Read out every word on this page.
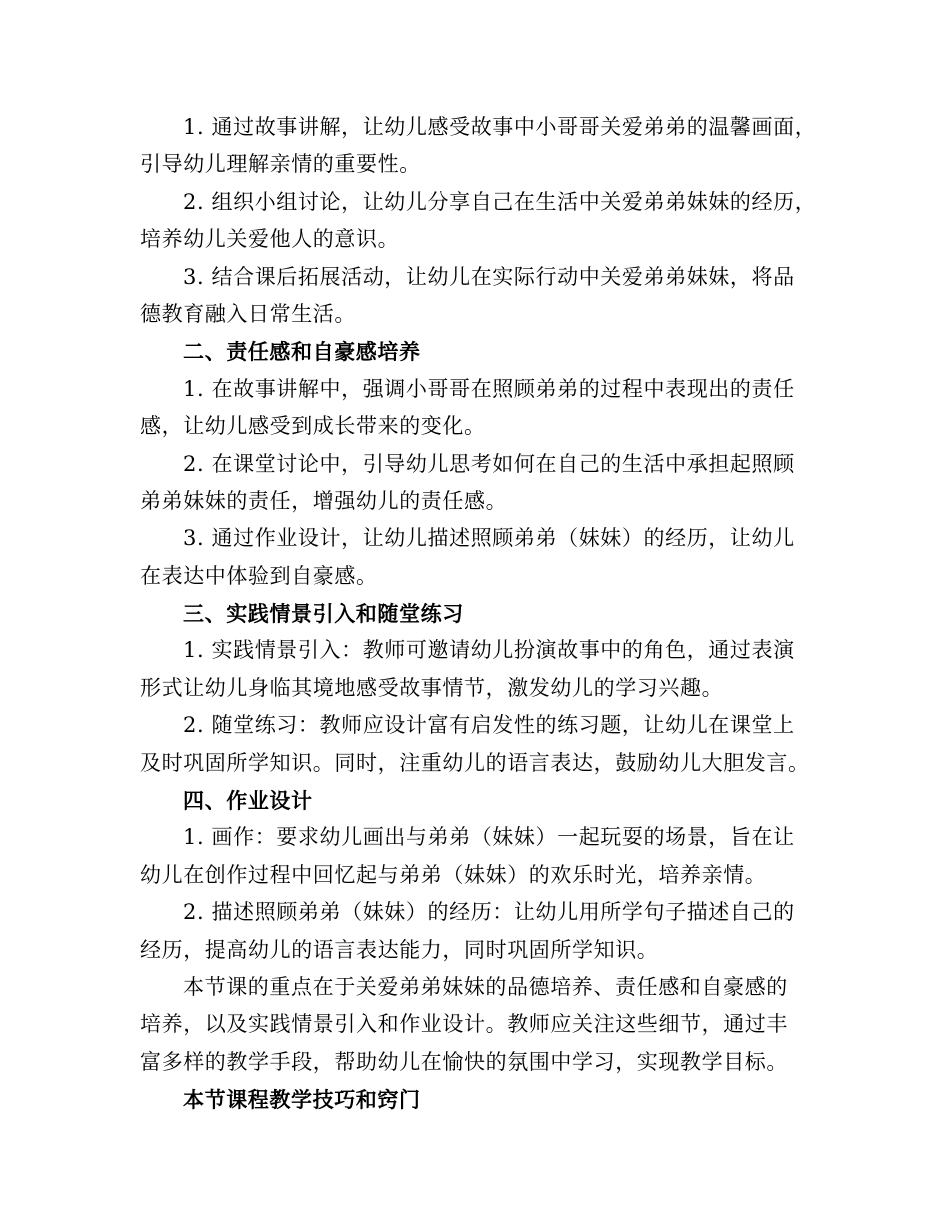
1. 通过故事讲解，让幼儿感受故事中小哥哥关爱弟弟的温馨画面，
引导幼儿理解亲情的重要性。
2. 组织小组讨论，让幼儿分享自己在生活中关爱弟弟妹妹的经历，
培养幼儿关爱他人的意识。
3. 结合课后拓展活动，让幼儿在实际行动中关爱弟弟妹妹，将品
德教育融入日常生活。
二、责任感和自豪感培养
1. 在故事讲解中，强调小哥哥在照顾弟弟的过程中表现出的责任
感，让幼儿感受到成长带来的变化。
2. 在课堂讨论中，引导幼儿思考如何在自己的生活中承担起照顾
弟弟妹妹的责任，增强幼儿的责任感。
3. 通过作业设计，让幼儿描述照顾弟弟（妹妹）的经历，让幼儿
在表达中体验到自豪感。
三、实践情景引入和随堂练习
1. 实践情景引入：教师可邀请幼儿扮演故事中的角色，通过表演
形式让幼儿身临其境地感受故事情节，激发幼儿的学习兴趣。
2. 随堂练习：教师应设计富有启发性的练习题，让幼儿在课堂上
及时巩固所学知识。同时，注重幼儿的语言表达，鼓励幼儿大胆发言。
四、作业设计
1. 画作：要求幼儿画出与弟弟（妹妹）一起玩耍的场景，旨在让
幼儿在创作过程中回忆起与弟弟（妹妹）的欢乐时光，培养亲情。
2. 描述照顾弟弟（妹妹）的经历：让幼儿用所学句子描述自己的
经历，提高幼儿的语言表达能力，同时巩固所学知识。
本节课的重点在于关爱弟弟妹妹的品德培养、责任感和自豪感的
培养，以及实践情景引入和作业设计。教师应关注这些细节，通过丰
富多样的教学手段，帮助幼儿在愉快的氛围中学习，实现教学目标。
本节课程教学技巧和窍门
